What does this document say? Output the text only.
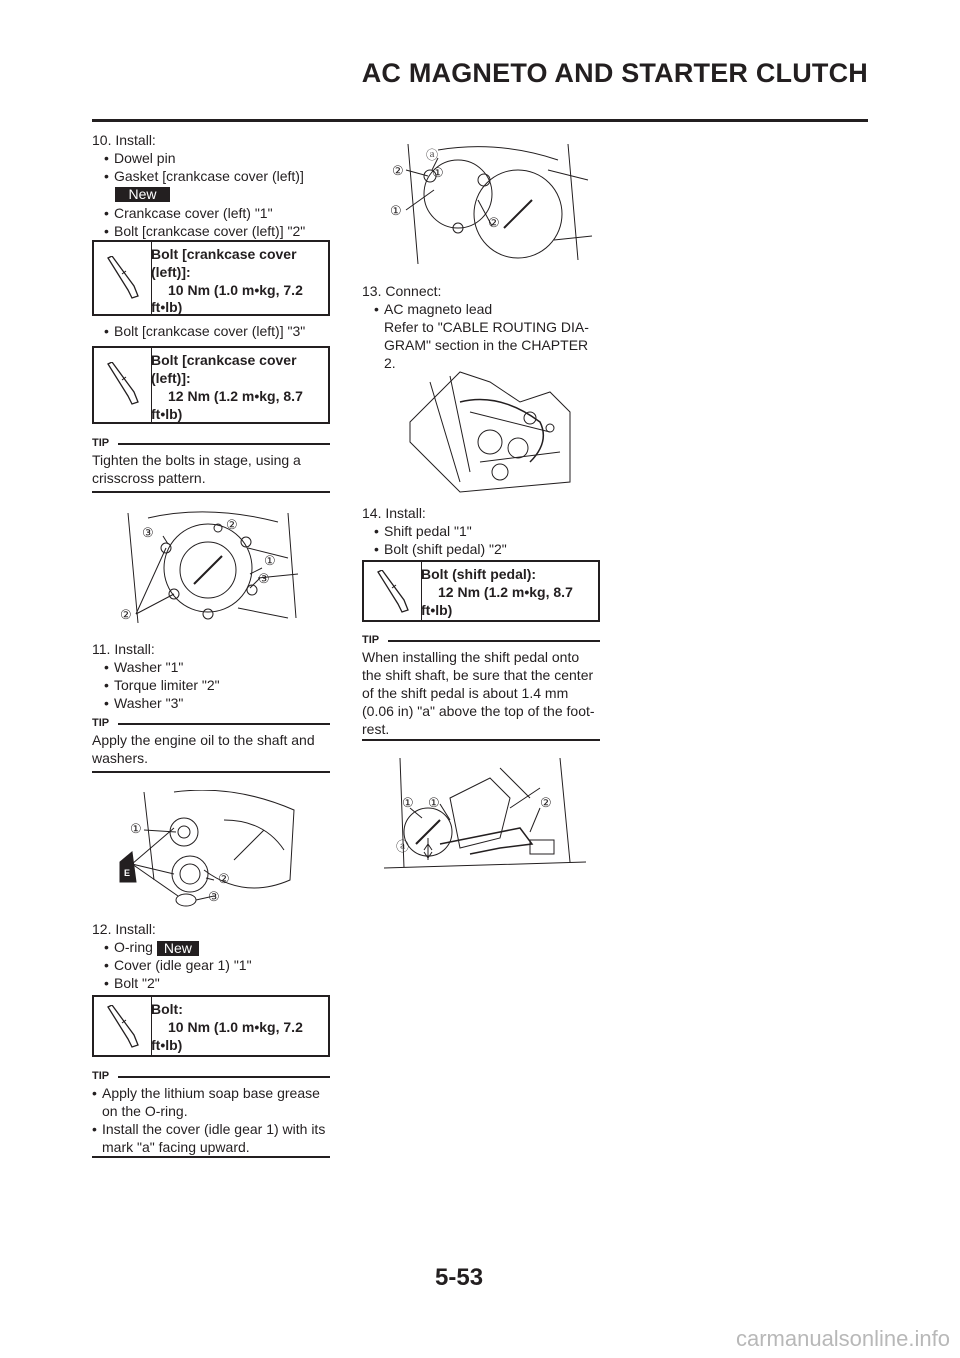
AC MAGNETO AND STARTER CLUTCH
10. Install:
• Dowel pin
• Gasket [crankcase cover (left)]
New
• Crankcase cover (left) "1"
• Bolt [crankcase cover (left)] "2"
Bolt [crankcase cover
(left)]:
10 Nm (1.0 m•kg, 7.2
ft•lb)
• Bolt [crankcase cover (left)] "3"
Bolt [crankcase cover
(left)]:
12 Nm (1.2 m•kg, 8.7
ft•lb)
TIP
Tighten the bolts in stage, using a
crisscross pattern.
③
②
①
③
②
11. Install:
• Washer "1"
• Torque limiter "2"
• Washer "3"
TIP
Apply the engine oil to the shaft and
washers.
E
①
②
③
12. Install:
• O-ring New
• Cover (idle gear 1) "1"
• Bolt "2"
Bolt:
10 Nm (1.0 m•kg, 7.2
ft•lb)
TIP
• Apply the lithium soap base grease
on the O-ring.
• Install the cover (idle gear 1) with its
mark "a" facing upward.
ⓐ
② ①
①
②
13. Connect:
• AC magneto lead
Refer to "CABLE ROUTING DIA-
GRAM" section in the CHAPTER
2.
14. Install:
• Shift pedal "1"
• Bolt (shift pedal) "2"
Bolt (shift pedal):
12 Nm (1.2 m•kg, 8.7
ft•lb)
TIP
When installing the shift pedal onto
the shift shaft, be sure that the center
of the shift pedal is about 1.4 mm
(0.06 in) "a" above the top of the foot-
rest.
① ①	②
ⓐ
5-53
carmanualsonline.info
